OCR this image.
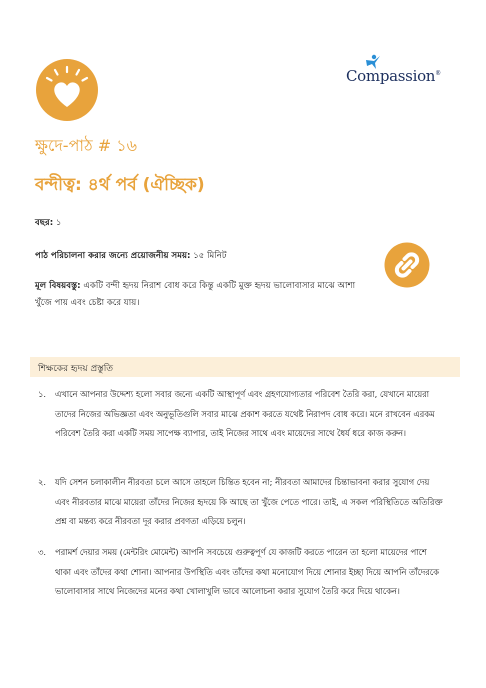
Compassion®
ক্ষুদে-পাঠ # ১৬
বন্দীত্ব: ৪র্থ পর্ব (ঐচ্ছিক)
বছর: ১
পাঠ পরিচালনা করার জন্যে প্রয়োজনীয় সময়: ১৫ মিনিট
মূল বিষয়বস্তু: একটি বন্দী হৃদয় নিরাশ বোধ করে কিন্তু একটি মুক্ত হৃদয় ভালোবাসার মাঝে আশা খুঁজে পায় এবং চেষ্টা করে যায়।
শিক্ষকের হৃদয় প্রস্তুতি
১. এখানে আপনার উদ্দেশ্য হলো সবার জন্যে একটি আস্থাপূর্ণ এবং গ্রহণযোগ্যতার পরিবেশ তৈরি করা, যেখানে মায়েরা তাদের নিজের অভিজ্ঞতা এবং অনুভূতিগুলি সবার মাঝে প্রকাশ করতে যথেষ্ট নিরাপদ বোধ করে। মনে রাখবেন এরকম পরিবেশ তৈরি করা একটি সময় সাপেক্ষ ব্যাপার, তাই নিজের সাথে এবং মায়েদের সাথে ধৈর্য ধরে কাজ করুন।
২. যদি সেশন চলাকালীন নীরবতা চলে আসে তাহলে চিন্তিত হবেন না; নীরবতা আমাদের চিন্তাভাবনা করার সুযোগ দেয় এবং নীরবতার মাঝে মায়েরা তাঁদের নিজের হৃদয়ে কি আছে তা খুঁজে পেতে পারে। তাই, এ সকল পরিস্থিতিতে অতিরিক্ত প্রশ্ন বা মন্তব্য করে নীরবতা দূর করার প্রবণতা এড়িয়ে চলুন।
৩. পরামর্শ দেয়ার সময় (মেন্টরিং মোমেন্ট) আপনি সবচেয়ে গুরুত্বপূর্ণ যে কাজটি করতে পারেন তা হলো মায়েদের পাশে থাকা এবং তাঁদের কথা শোনা। আপনার উপস্থিতি এবং তাঁদের কথা মনোযোগ দিয়ে শোনার ইচ্ছা দিয়ে আপনি তাঁদেরকে ভালোবাসার সাথে নিজেদের মনের কথা খোলাখুলি ভাবে আলোচনা করার সুযোগ তৈরি করে দিয়ে থাকেন।
